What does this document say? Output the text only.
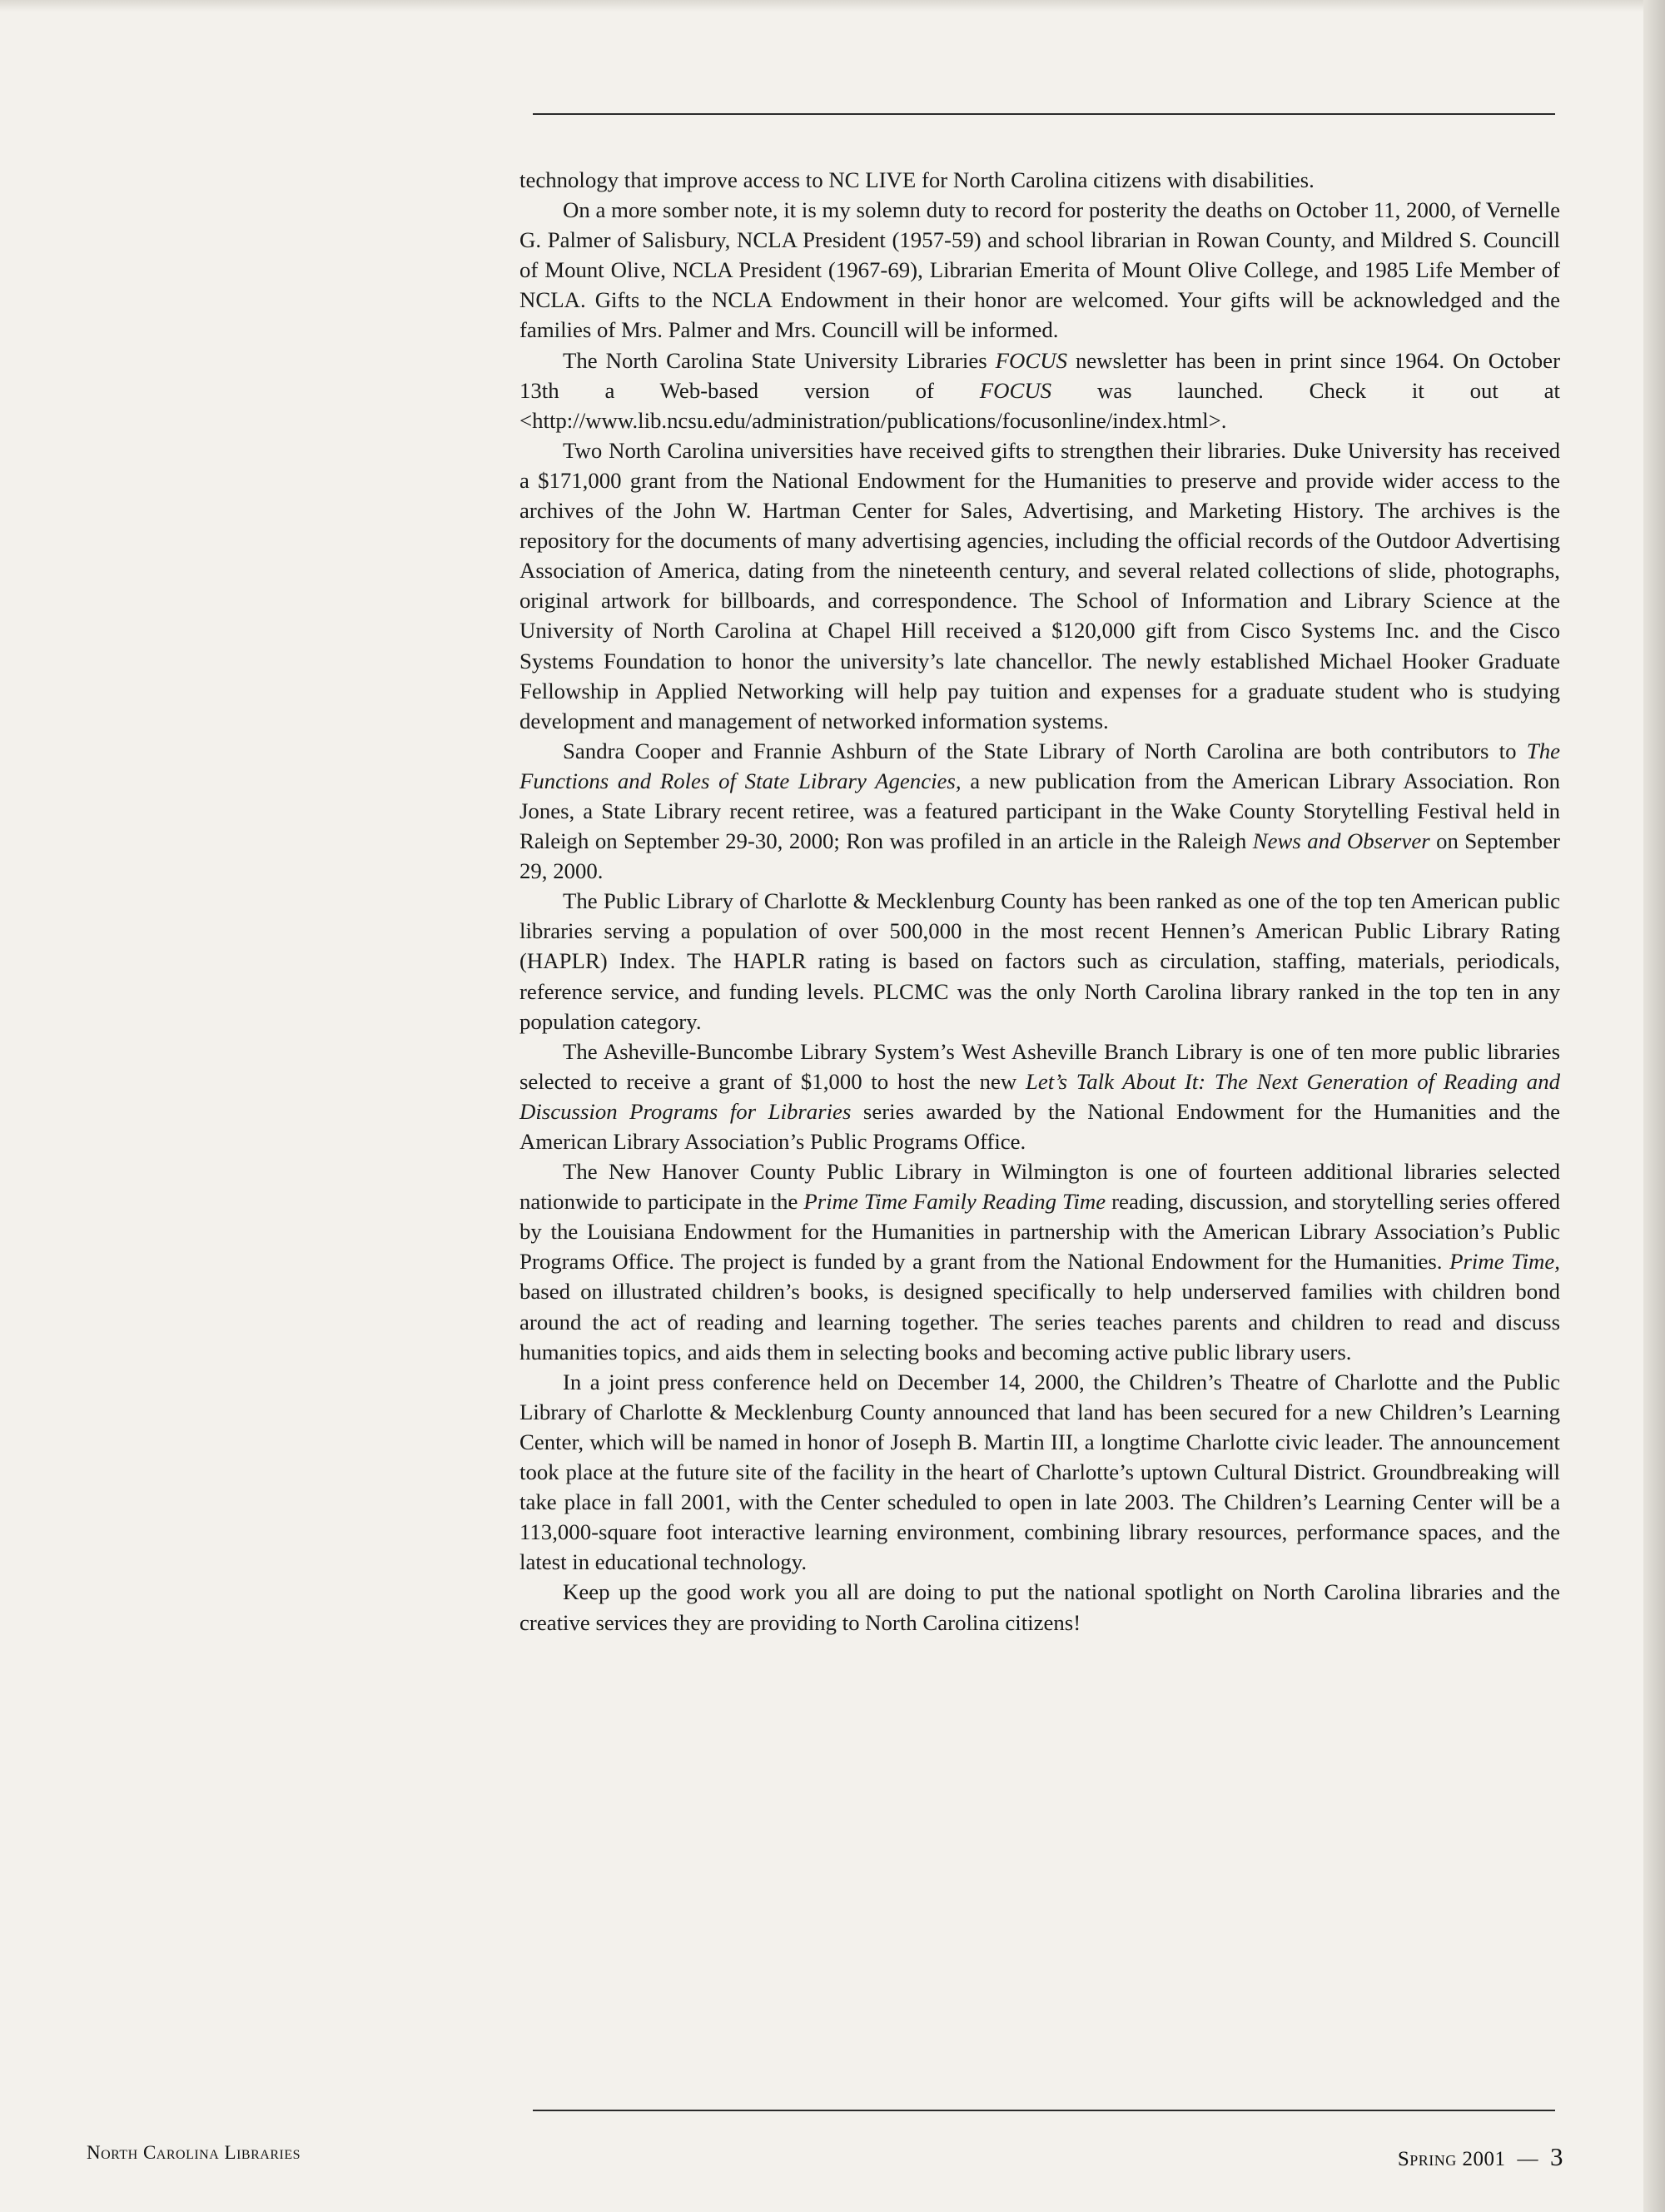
technology that improve access to NC LIVE for North Carolina citizens with disabilities.

On a more somber note, it is my solemn duty to record for posterity the deaths on October 11, 2000, of Vernelle G. Palmer of Salisbury, NCLA President (1957-59) and school librarian in Rowan County, and Mildred S. Councill of Mount Olive, NCLA President (1967-69), Librarian Emerita of Mount Olive College, and 1985 Life Member of NCLA. Gifts to the NCLA Endowment in their honor are welcomed. Your gifts will be acknowledged and the families of Mrs. Palmer and Mrs. Councill will be informed.

The North Carolina State University Libraries FOCUS newsletter has been in print since 1964. On October 13th a Web-based version of FOCUS was launched. Check it out at <http://www.lib.ncsu.edu/administration/publications/focusonline/index.html>.

Two North Carolina universities have received gifts to strengthen their libraries. Duke University has received a $171,000 grant from the National Endowment for the Humanities to preserve and provide wider access to the archives of the John W. Hartman Center for Sales, Advertising, and Marketing History. The archives is the repository for the documents of many advertising agencies, including the official records of the Outdoor Advertising Association of America, dating from the nineteenth century, and several related collections of slide, photographs, original artwork for billboards, and correspondence. The School of Information and Library Science at the University of North Carolina at Chapel Hill received a $120,000 gift from Cisco Systems Inc. and the Cisco Systems Foundation to honor the university’s late chancellor. The newly established Michael Hooker Graduate Fellowship in Applied Networking will help pay tuition and expenses for a graduate student who is studying development and management of networked information systems.

Sandra Cooper and Frannie Ashburn of the State Library of North Carolina are both contributors to The Functions and Roles of State Library Agencies, a new publication from the American Library Association. Ron Jones, a State Library recent retiree, was a featured participant in the Wake County Storytelling Festival held in Raleigh on September 29-30, 2000; Ron was profiled in an article in the Raleigh News and Observer on September 29, 2000.

The Public Library of Charlotte & Mecklenburg County has been ranked as one of the top ten American public libraries serving a population of over 500,000 in the most recent Hennen’s American Public Library Rating (HAPLR) Index. The HAPLR rating is based on factors such as circulation, staffing, materials, periodicals, reference service, and funding levels. PLCMC was the only North Carolina library ranked in the top ten in any population category.

The Asheville-Buncombe Library System’s West Asheville Branch Library is one of ten more public libraries selected to receive a grant of $1,000 to host the new Let’s Talk About It: The Next Generation of Reading and Discussion Programs for Libraries series awarded by the National Endowment for the Humanities and the American Library Association’s Public Programs Office.

The New Hanover County Public Library in Wilmington is one of fourteen additional libraries selected nationwide to participate in the Prime Time Family Reading Time reading, discussion, and storytelling series offered by the Louisiana Endowment for the Humanities in partnership with the American Library Association’s Public Programs Office. The project is funded by a grant from the National Endowment for the Humanities. Prime Time, based on illustrated children’s books, is designed specifically to help underserved families with children bond around the act of reading and learning together. The series teaches parents and children to read and discuss humanities topics, and aids them in selecting books and becoming active public library users.

In a joint press conference held on December 14, 2000, the Children’s Theatre of Charlotte and the Public Library of Charlotte & Mecklenburg County announced that land has been secured for a new Children’s Learning Center, which will be named in honor of Joseph B. Martin III, a longtime Charlotte civic leader. The announcement took place at the future site of the facility in the heart of Charlotte’s uptown Cultural District. Groundbreaking will take place in fall 2001, with the Center scheduled to open in late 2003. The Children’s Learning Center will be a 113,000-square foot interactive learning environment, combining library resources, performance spaces, and the latest in educational technology.

Keep up the good work you all are doing to put the national spotlight on North Carolina libraries and the creative services they are providing to North Carolina citizens!

North Carolina Libraries	Spring 2001 — 3
